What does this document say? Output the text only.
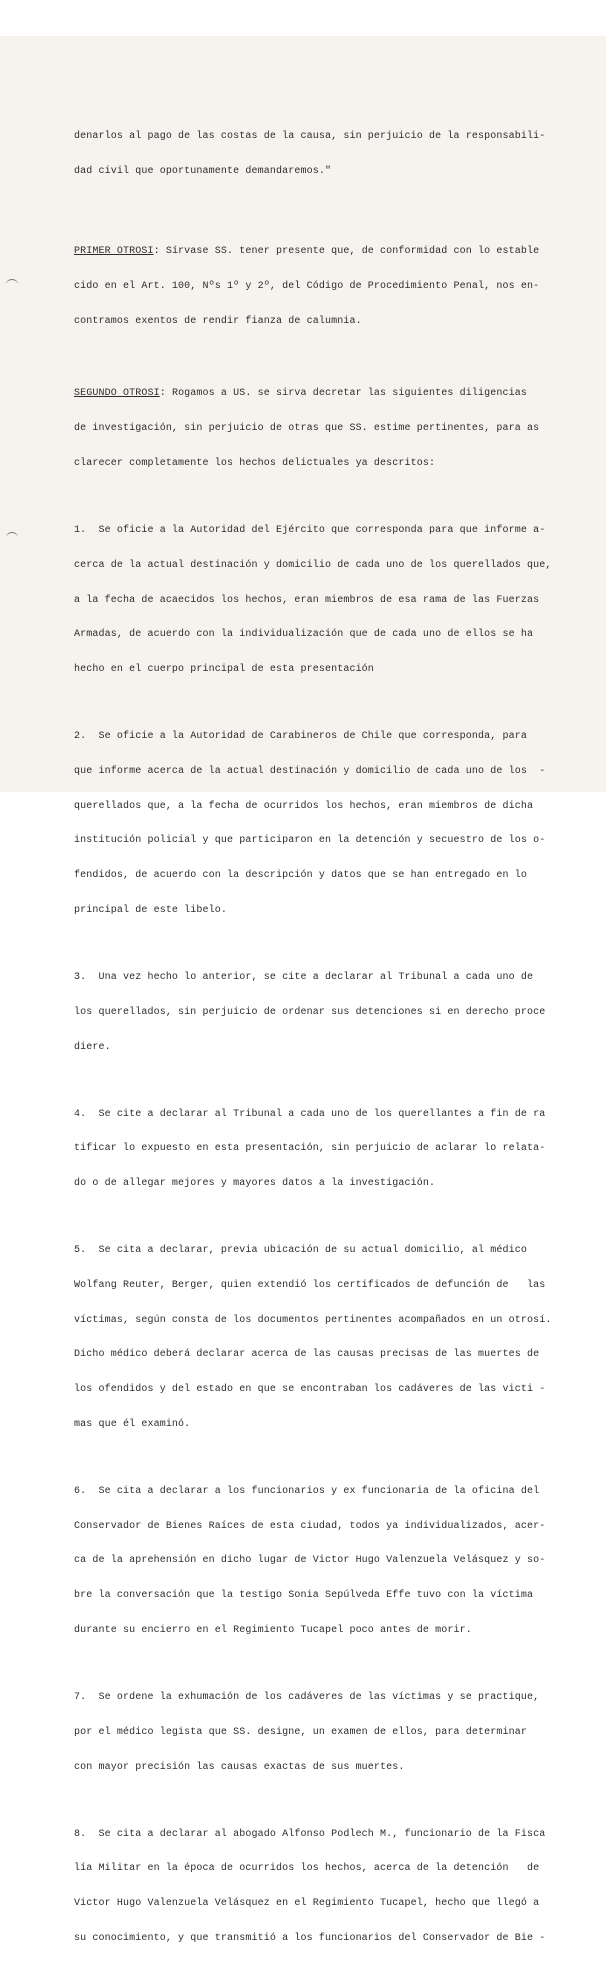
denarlos al pago de las costas de la causa, sin perjuicio de la responsabili-

dad civil que oportunamente demandaremos."

PRIMER OTROSI: Sírvase SS. tener presente que, de conformidad con lo estable

cido en el Art. 100, Nºs 1º y 2º, del Código de Procedimiento Penal, nos en-

contramos exentos de rendir fianza de calumnia.

SEGUNDO OTROSI: Rogamos a US. se sirva decretar las siguientes diligencias

de investigación, sin perjuicio de otras que SS. estime pertinentes, para as

clarecer completamente los hechos delictuales ya descritos:

1.  Se oficie a la Autoridad del Ejército que corresponda para que informe a-

cerca de la actual destinación y domicilio de cada uno de los querellados que,

a la fecha de acaecidos los hechos, eran miembros de esa rama de las Fuerzas

Armadas, de acuerdo con la individualización que de cada uno de ellos se ha

hecho en el cuerpo principal de esta presentación

2.  Se oficie a la Autoridad de Carabineros de Chile que corresponda, para

que informe acerca de la actual destinación y domicilio de cada uno de los  -

querellados que, a la fecha de ocurridos los hechos, eran miembros de dicha

institución policial y que participaron en la detención y secuestro de los o-

fendidos, de acuerdo con la descripción y datos que se han entregado en lo

principal de este libelo.

3.  Una vez hecho lo anterior, se cite a declarar al Tribunal a cada uno de

los querellados, sin perjuicio de ordenar sus detenciones si en derecho proce

diere.

4.  Se cite a declarar al Tribunal a cada uno de los querellantes a fin de ra

tificar lo expuesto en esta presentación, sin perjuicio de aclarar lo relata-

do o de allegar mejores y mayores datos a la investigación.

5.  Se cita a declarar, previa ubicación de su actual domicilio, al médico

Wolfang Reuter, Berger, quien extendió los certificados de defunción de   las

víctimas, según consta de los documentos pertinentes acompañados en un otrosí.

Dicho médico deberá declarar acerca de las causas precisas de las muertes de

los ofendidos y del estado en que se encontraban los cadáveres de las victi -

mas que él examinó.

6.  Se cita a declarar a los funcionarios y ex funcionaria de la oficina del

Conservador de Bienes Raíces de esta ciudad, todos ya individualizados, acer-

ca de la aprehensión en dicho lugar de Victor Hugo Valenzuela Velásquez y so-

bre la conversación que la testigo Sonia Sepúlveda Effe tuvo con la víctima

durante su encierro en el Regimiento Tucapel poco antes de morir.

7.  Se ordene la exhumación de los cadáveres de las víctimas y se practique,

por el médico legista que SS. designe, un examen de ellos, para determinar

con mayor precisión las causas exactas de sus muertes.

8.  Se cita a declarar al abogado Alfonso Podlech M., funcionario de la Fisca

lía Militar en la época de ocurridos los hechos, acerca de la detención   de

Victor Hugo Valenzuela Velásquez en el Regimiento Tucapel, hecho que llegó a

su conocimiento, y que transmitió a los funcionarios del Conservador de Bie -
